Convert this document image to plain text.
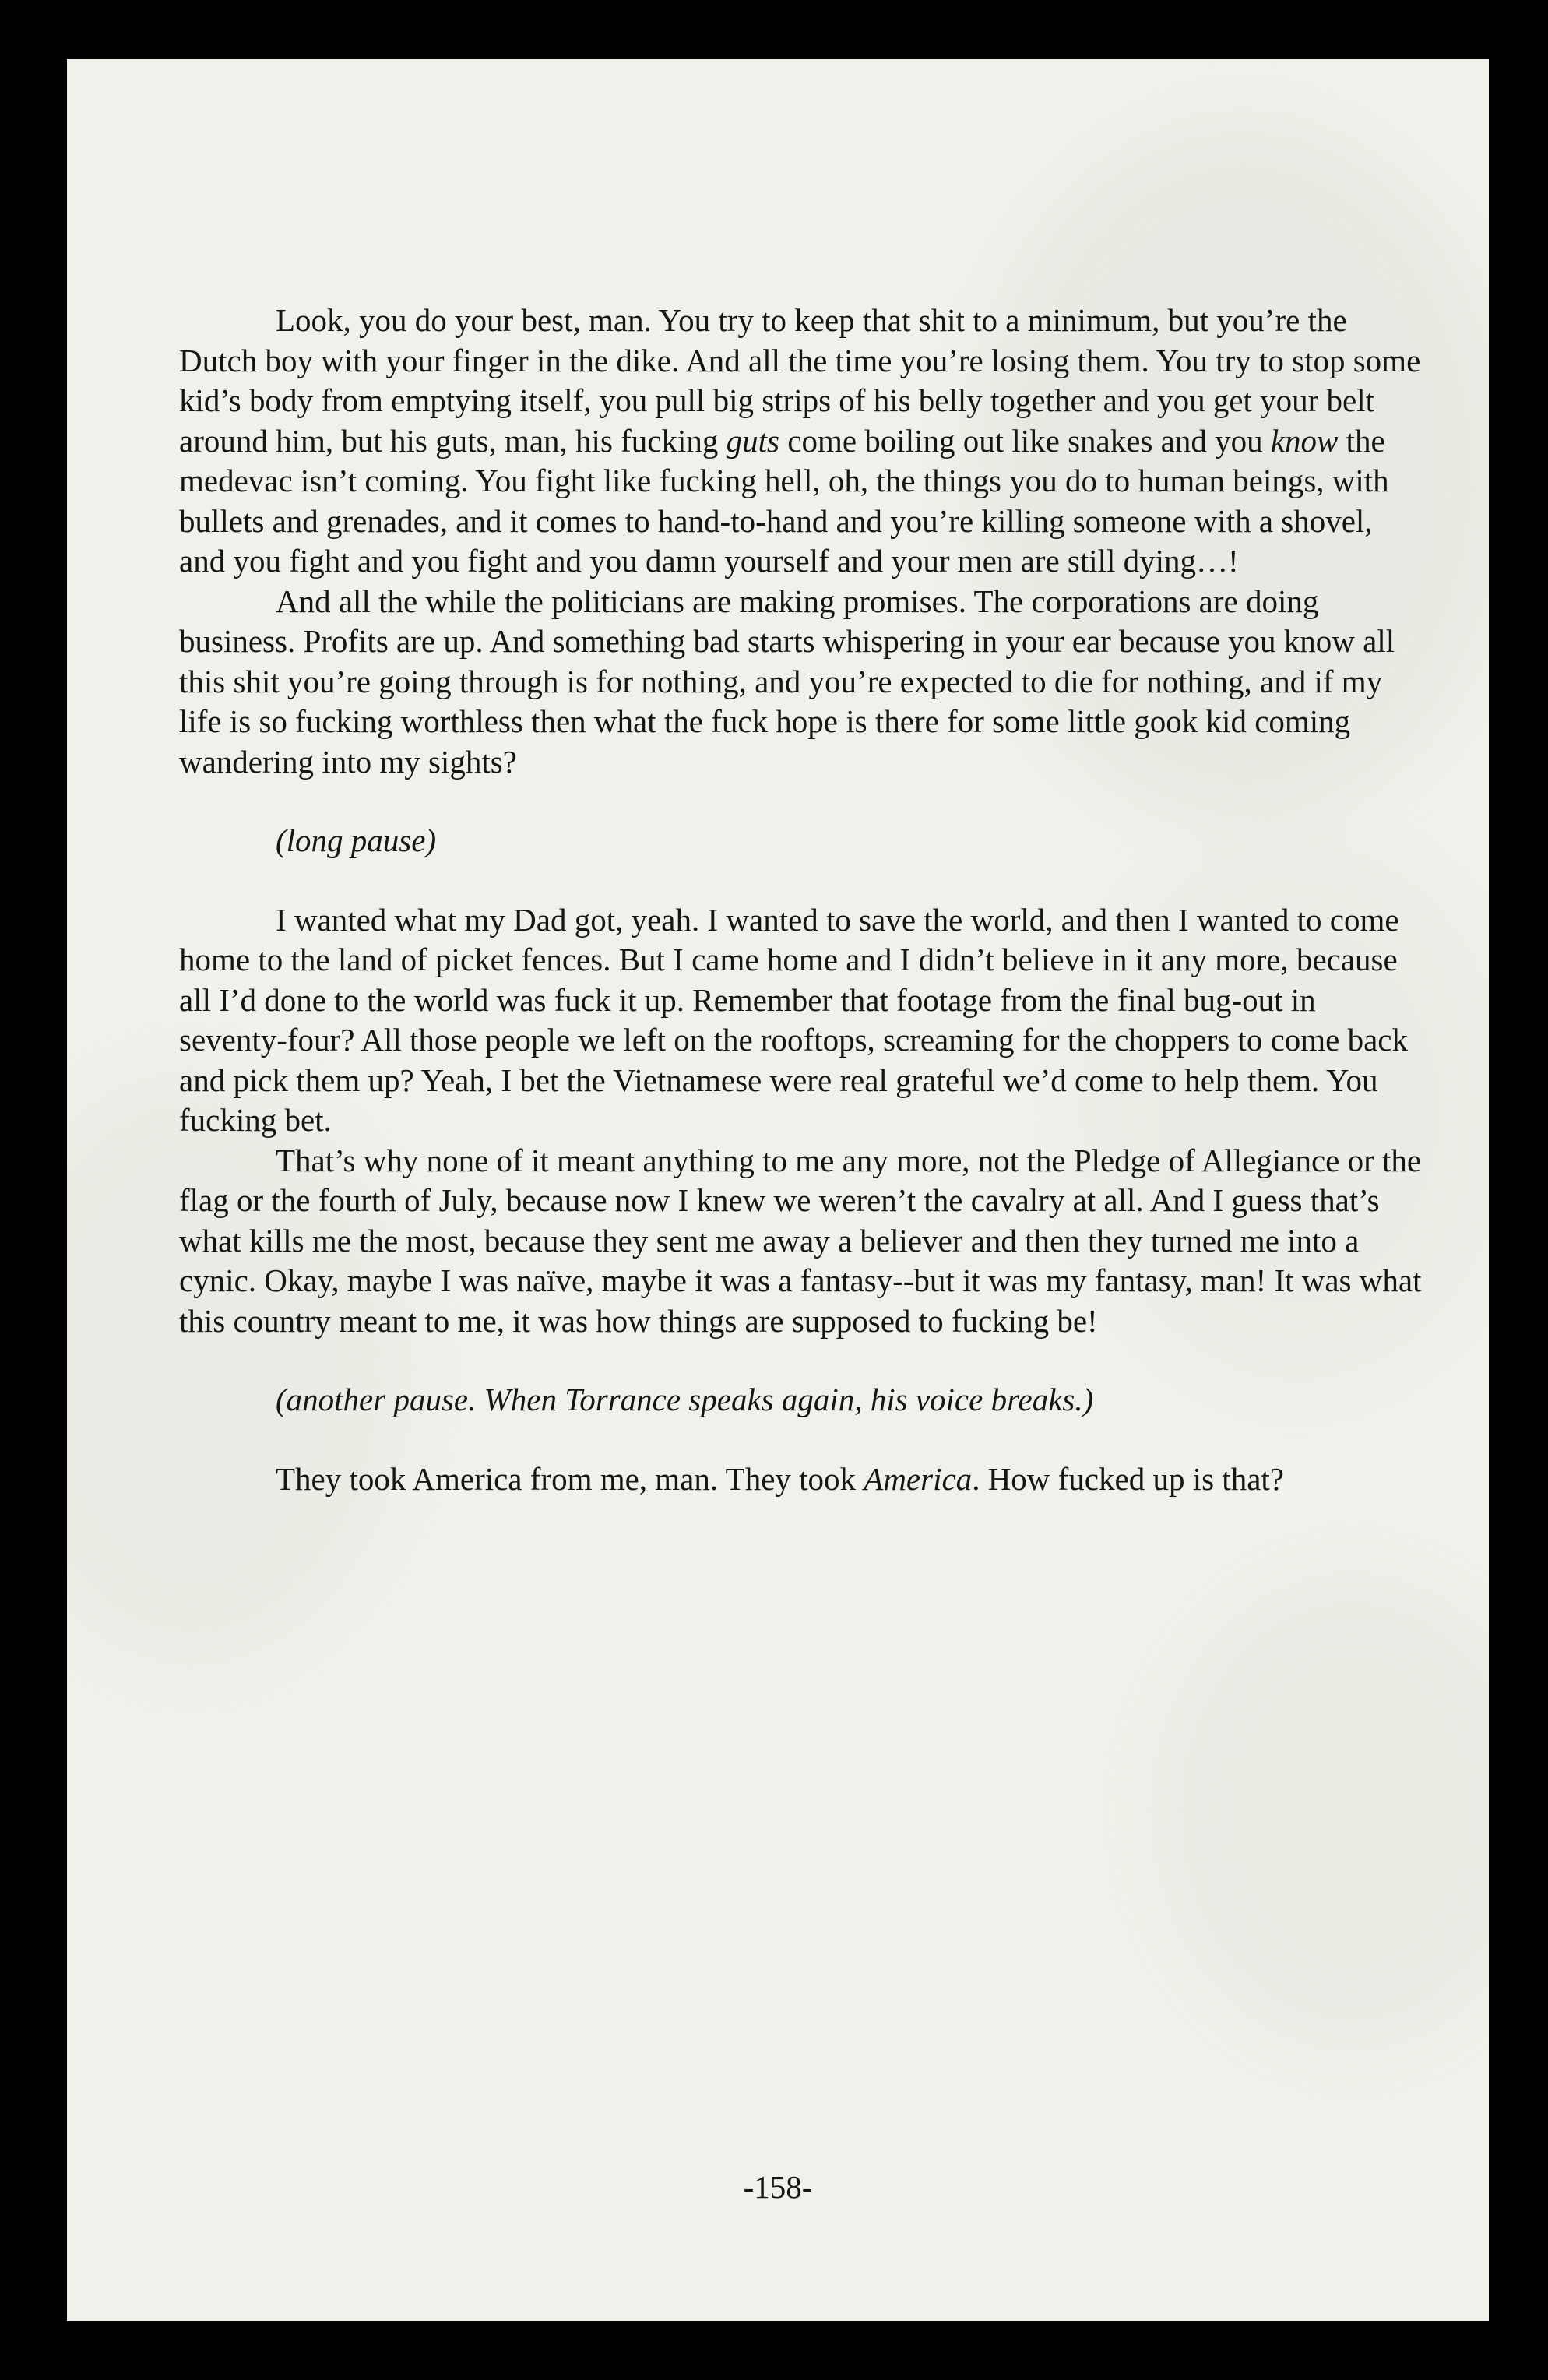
Look, you do your best, man. You try to keep that shit to a minimum, but you’re the Dutch boy with your finger in the dike. And all the time you’re losing them. You try to stop some kid’s body from emptying itself, you pull big strips of his belly together and you get your belt around him, but his guts, man, his fucking guts come boiling out like snakes and you know the medevac isn’t coming. You fight like fucking hell, oh, the things you do to human beings, with bullets and grenades, and it comes to hand-to-hand and you’re killing someone with a shovel, and you fight and you fight and you damn yourself and your men are still dying…!

And all the while the politicians are making promises. The corporations are doing business. Profits are up. And something bad starts whispering in your ear because you know all this shit you’re going through is for nothing, and you’re expected to die for nothing, and if my life is so fucking worthless then what the fuck hope is there for some little gook kid coming wandering into my sights?

(long pause)

I wanted what my Dad got, yeah. I wanted to save the world, and then I wanted to come home to the land of picket fences. But I came home and I didn’t believe in it any more, because all I’d done to the world was fuck it up. Remember that footage from the final bug-out in seventy-four? All those people we left on the rooftops, screaming for the choppers to come back and pick them up? Yeah, I bet the Vietnamese were real grateful we’d come to help them. You fucking bet.

That’s why none of it meant anything to me any more, not the Pledge of Allegiance or the flag or the fourth of July, because now I knew we weren’t the cavalry at all. And I guess that’s what kills me the most, because they sent me away a believer and then they turned me into a cynic. Okay, maybe I was naïve, maybe it was a fantasy--but it was my fantasy, man! It was what this country meant to me, it was how things are supposed to fucking be!

(another pause. When Torrance speaks again, his voice breaks.)

They took America from me, man. They took America. How fucked up is that?

-158-
